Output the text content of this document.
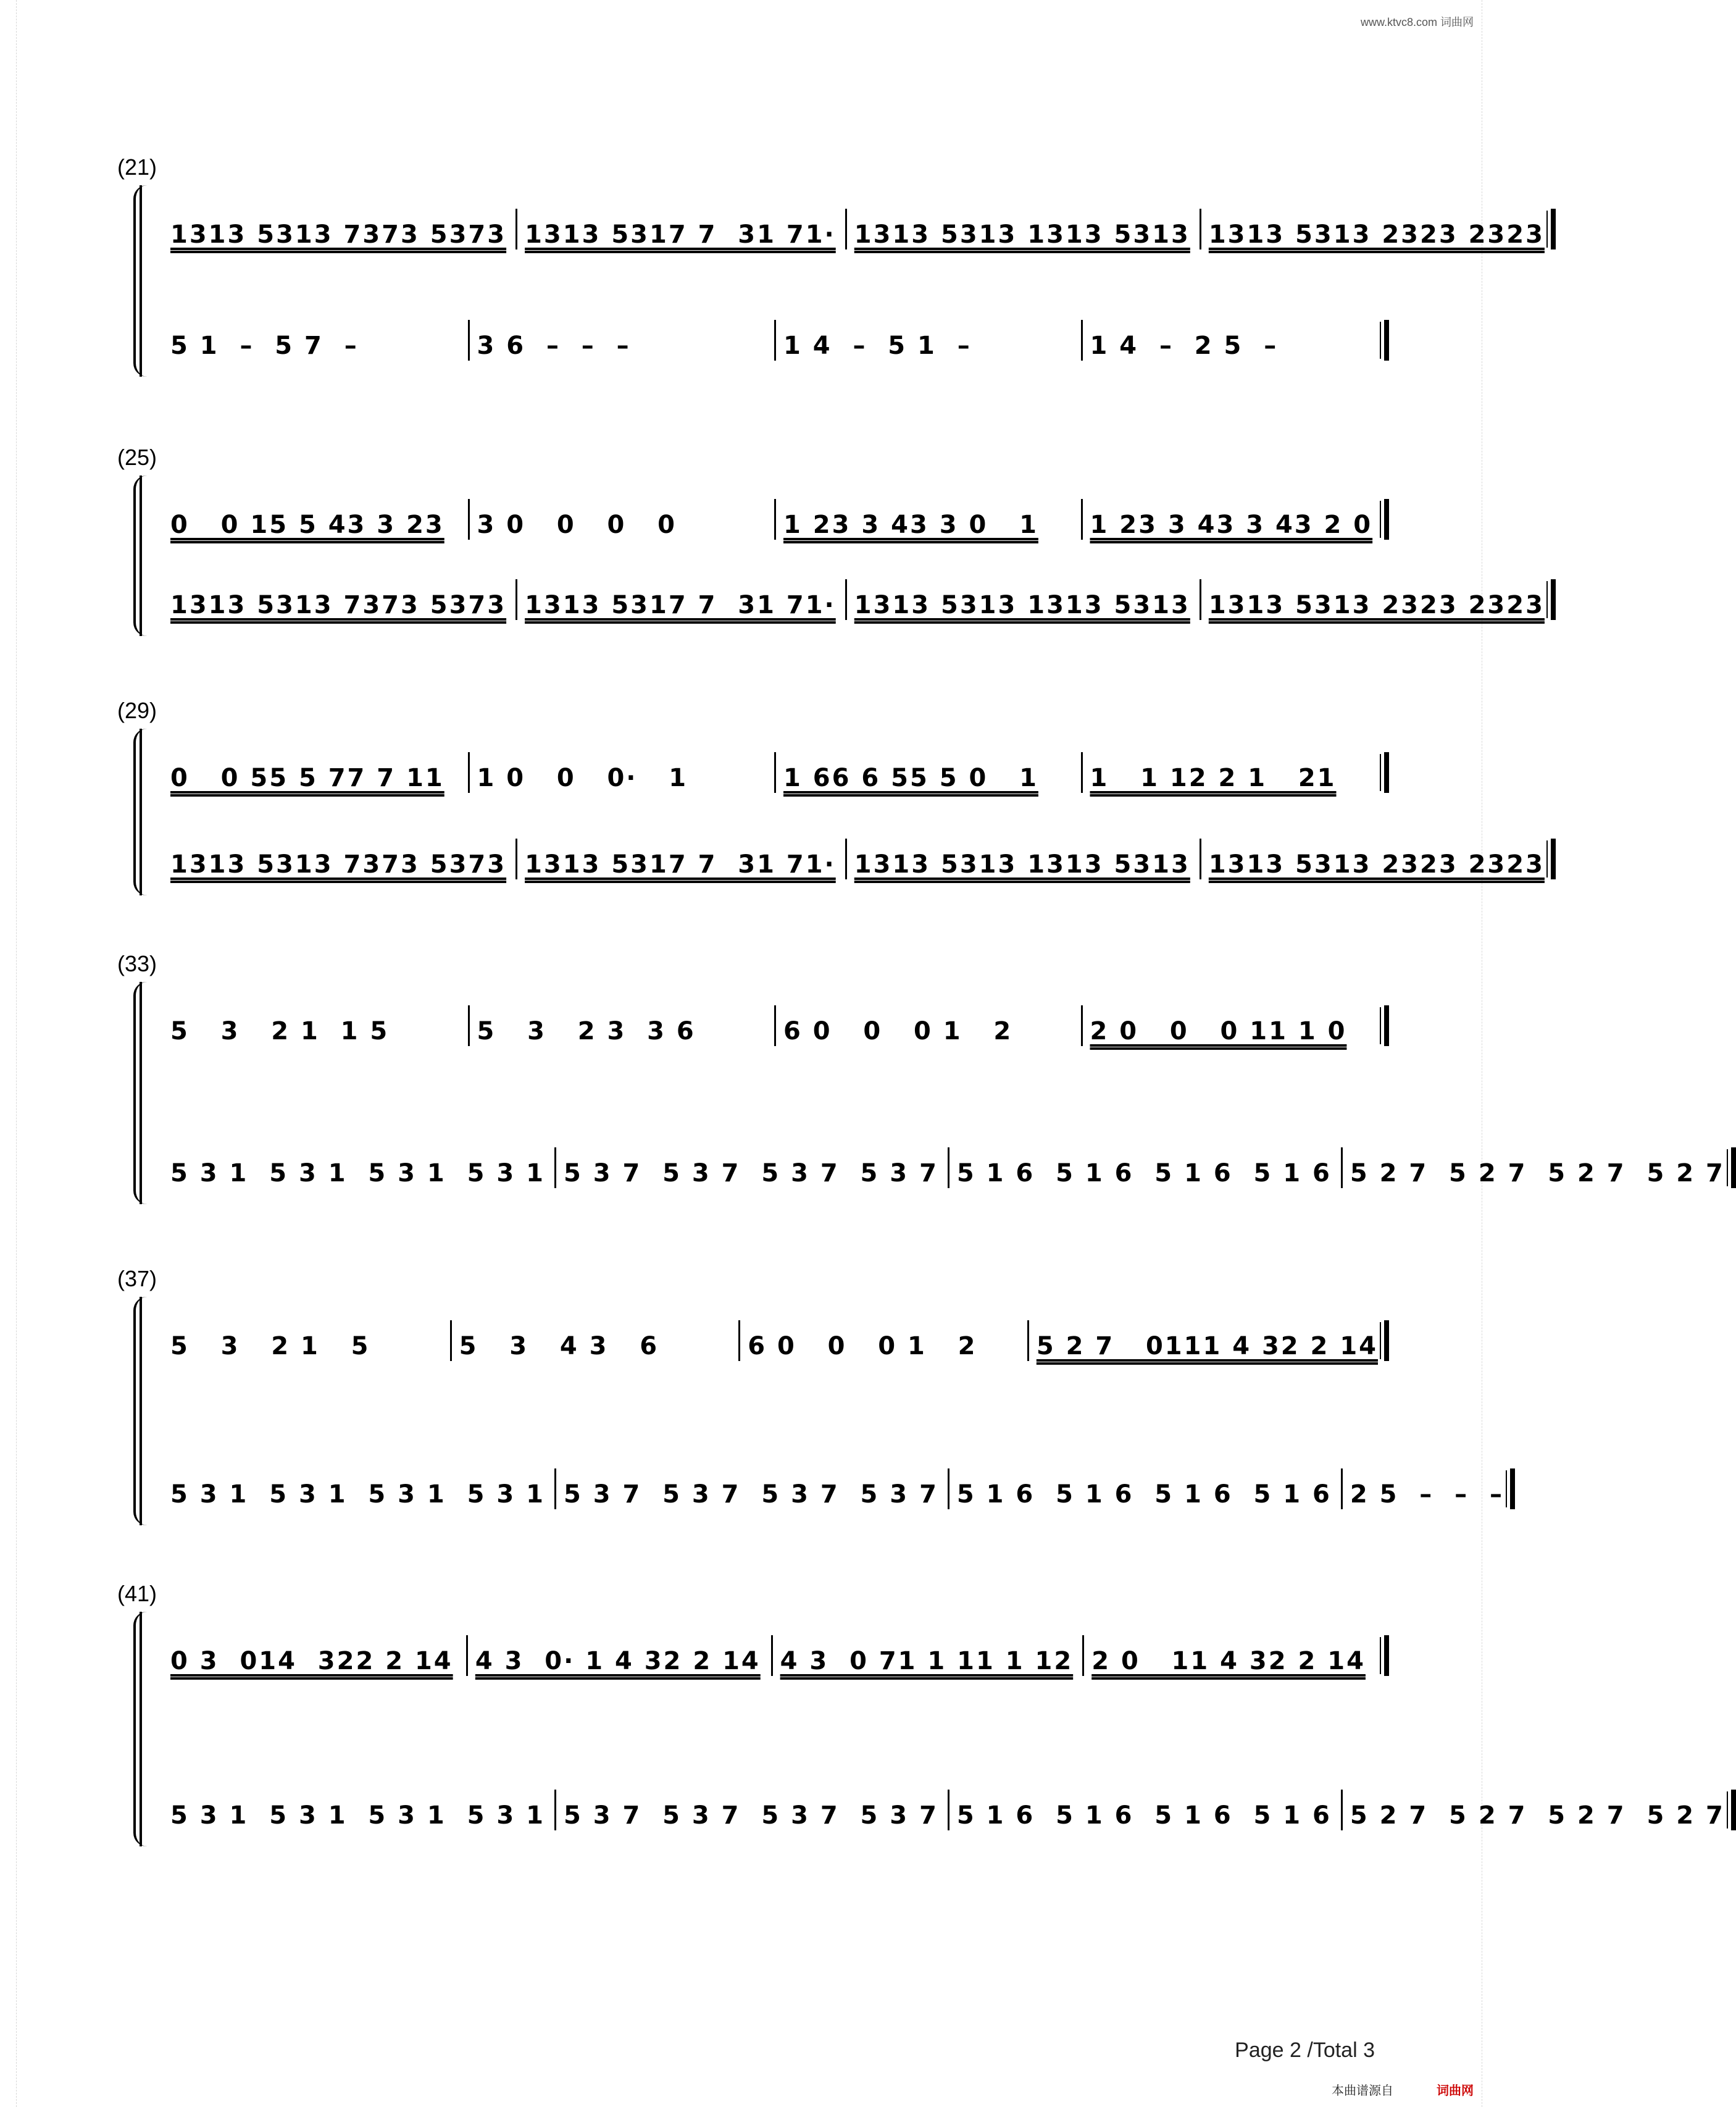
www.ktvc8.com 词曲网
(21)
1313 5313 7373 5373 1313 5317 7  31 71· 1313 5313 1313 5313 1313 5313 2323 2323
5 1  –  5 7  –	3 6  –  –  –	1 4  –  5 1  –	1 4  –  2 5  –
(25)
0   0 15 5 43 3 23 3 0   0   0   0	1 23 3 43 3 0   1 1 23 3 43 3 43 2 0
1313 5313 7373 5373 1313 5317 7  31 71· 1313 5313 1313 5313 1313 5313 2323 2323
(29)
0   0 55 5 77 7 11 1 0   0   0·   1	1 66 6 55 5 0   1 1   1 12 2 1   21
1313 5313 7373 5373 1313 5317 7  31 71· 1313 5313 1313 5313 1313 5313 2323 2323
(33)
5   3   2 1  1 5	5   3   2 3  3 6	6 0   0   0 1   2	2 0   0   0 11 1 0
5 3 1  5 3 1  5 3 1  5 3 1 5 3 7  5 3 7  5 3 7  5 3 7 5 1 6  5 1 6  5 1 6  5 1 6 5 2 7  5 2 7  5 2 7  5 2 7
(37)
5   3   2 1   5	5   3   4 3   6	6 0   0   0 1   2 5 2 7   0111 4 32 2 14
5 3 1  5 3 1  5 3 1  5 3 1 5 3 7  5 3 7  5 3 7  5 3 7 5 1 6  5 1 6  5 1 6  5 1 6 2 5  –  –  –
(41)
0 3  014  322 2 14 4 3  0· 1 4 32 2 14 4 3  0 71 1 11 1 12 2 0   11 4 32 2 14
5 3 1  5 3 1  5 3 1  5 3 1 5 3 7  5 3 7  5 3 7  5 3 7 5 1 6  5 1 6  5 1 6  5 1 6 5 2 7  5 2 7  5 2 7  5 2 7
Page 2 /Total 3
本曲谱源自	词曲网
